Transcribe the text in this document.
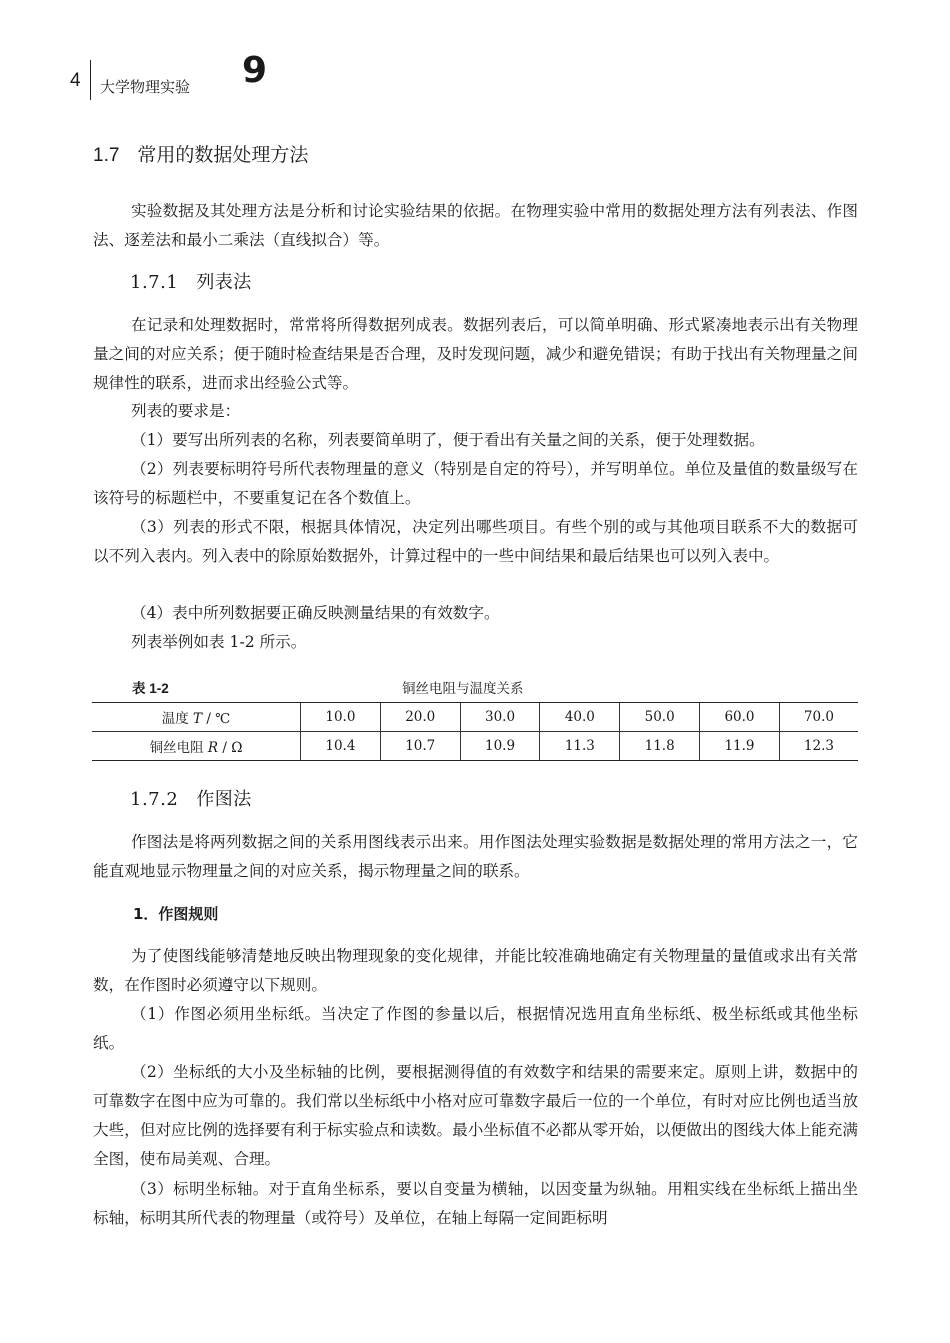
4 大学物理实验 9
1.7 常用的数据处理方法
实验数据及其处理方法是分析和讨论实验结果的依据。在物理实验中常用的数据处理方法有列表法、作图法、逐差法和最小二乘法（直线拟合）等。
1.7.1 列表法
在记录和处理数据时，常常将所得数据列成表。数据列表后，可以简单明确、形式紧凑地表示出有关物理量之间的对应关系；便于随时检查结果是否合理，及时发现问题，减少和避免错误；有助于找出有关物理量之间规律性的联系，进而求出经验公式等。
列表的要求是：
（1）要写出所列表的名称，列表要简单明了，便于看出有关量之间的关系，便于处理数据。
（2）列表要标明符号所代表物理量的意义（特别是自定的符号），并写明单位。单位及量值的数量级写在该符号的标题栏中，不要重复记在各个数值上。
（3）列表的形式不限，根据具体情况，决定列出哪些项目。有些个别的或与其他项目联系不大的数据可以不列入表内。列入表中的除原始数据外，计算过程中的一些中间结果和最后结果也可以列入表中。
（4）表中所列数据要正确反映测量结果的有效数字。
列表举例如表 1-2 所示。
表 1-2	铜丝电阻与温度关系
温度 T / ℃	10.0	20.0	30.0	40.0	50.0	60.0	70.0
铜丝电阻 R / Ω	10.4	10.7	10.9	11.3	11.8	11.9	12.3
1.7.2 作图法
作图法是将两列数据之间的关系用图线表示出来。用作图法处理实验数据是数据处理的常用方法之一，它能直观地显示物理量之间的对应关系，揭示物理量之间的联系。
1．作图规则
为了使图线能够清楚地反映出物理现象的变化规律，并能比较准确地确定有关物理量的量值或求出有关常数，在作图时必须遵守以下规则。
（1）作图必须用坐标纸。当决定了作图的参量以后，根据情况选用直角坐标纸、极坐标纸或其他坐标纸。
（2）坐标纸的大小及坐标轴的比例，要根据测得值的有效数字和结果的需要来定。原则上讲，数据中的可靠数字在图中应为可靠的。我们常以坐标纸中小格对应可靠数字最后一位的一个单位，有时对应比例也适当放大些，但对应比例的选择要有利于标实验点和读数。最小坐标值不必都从零开始，以便做出的图线大体上能充满全图，使布局美观、合理。
（3）标明坐标轴。对于直角坐标系，要以自变量为横轴，以因变量为纵轴。用粗实线在坐标纸上描出坐标轴，标明其所代表的物理量（或符号）及单位，在轴上每隔一定间距标明
